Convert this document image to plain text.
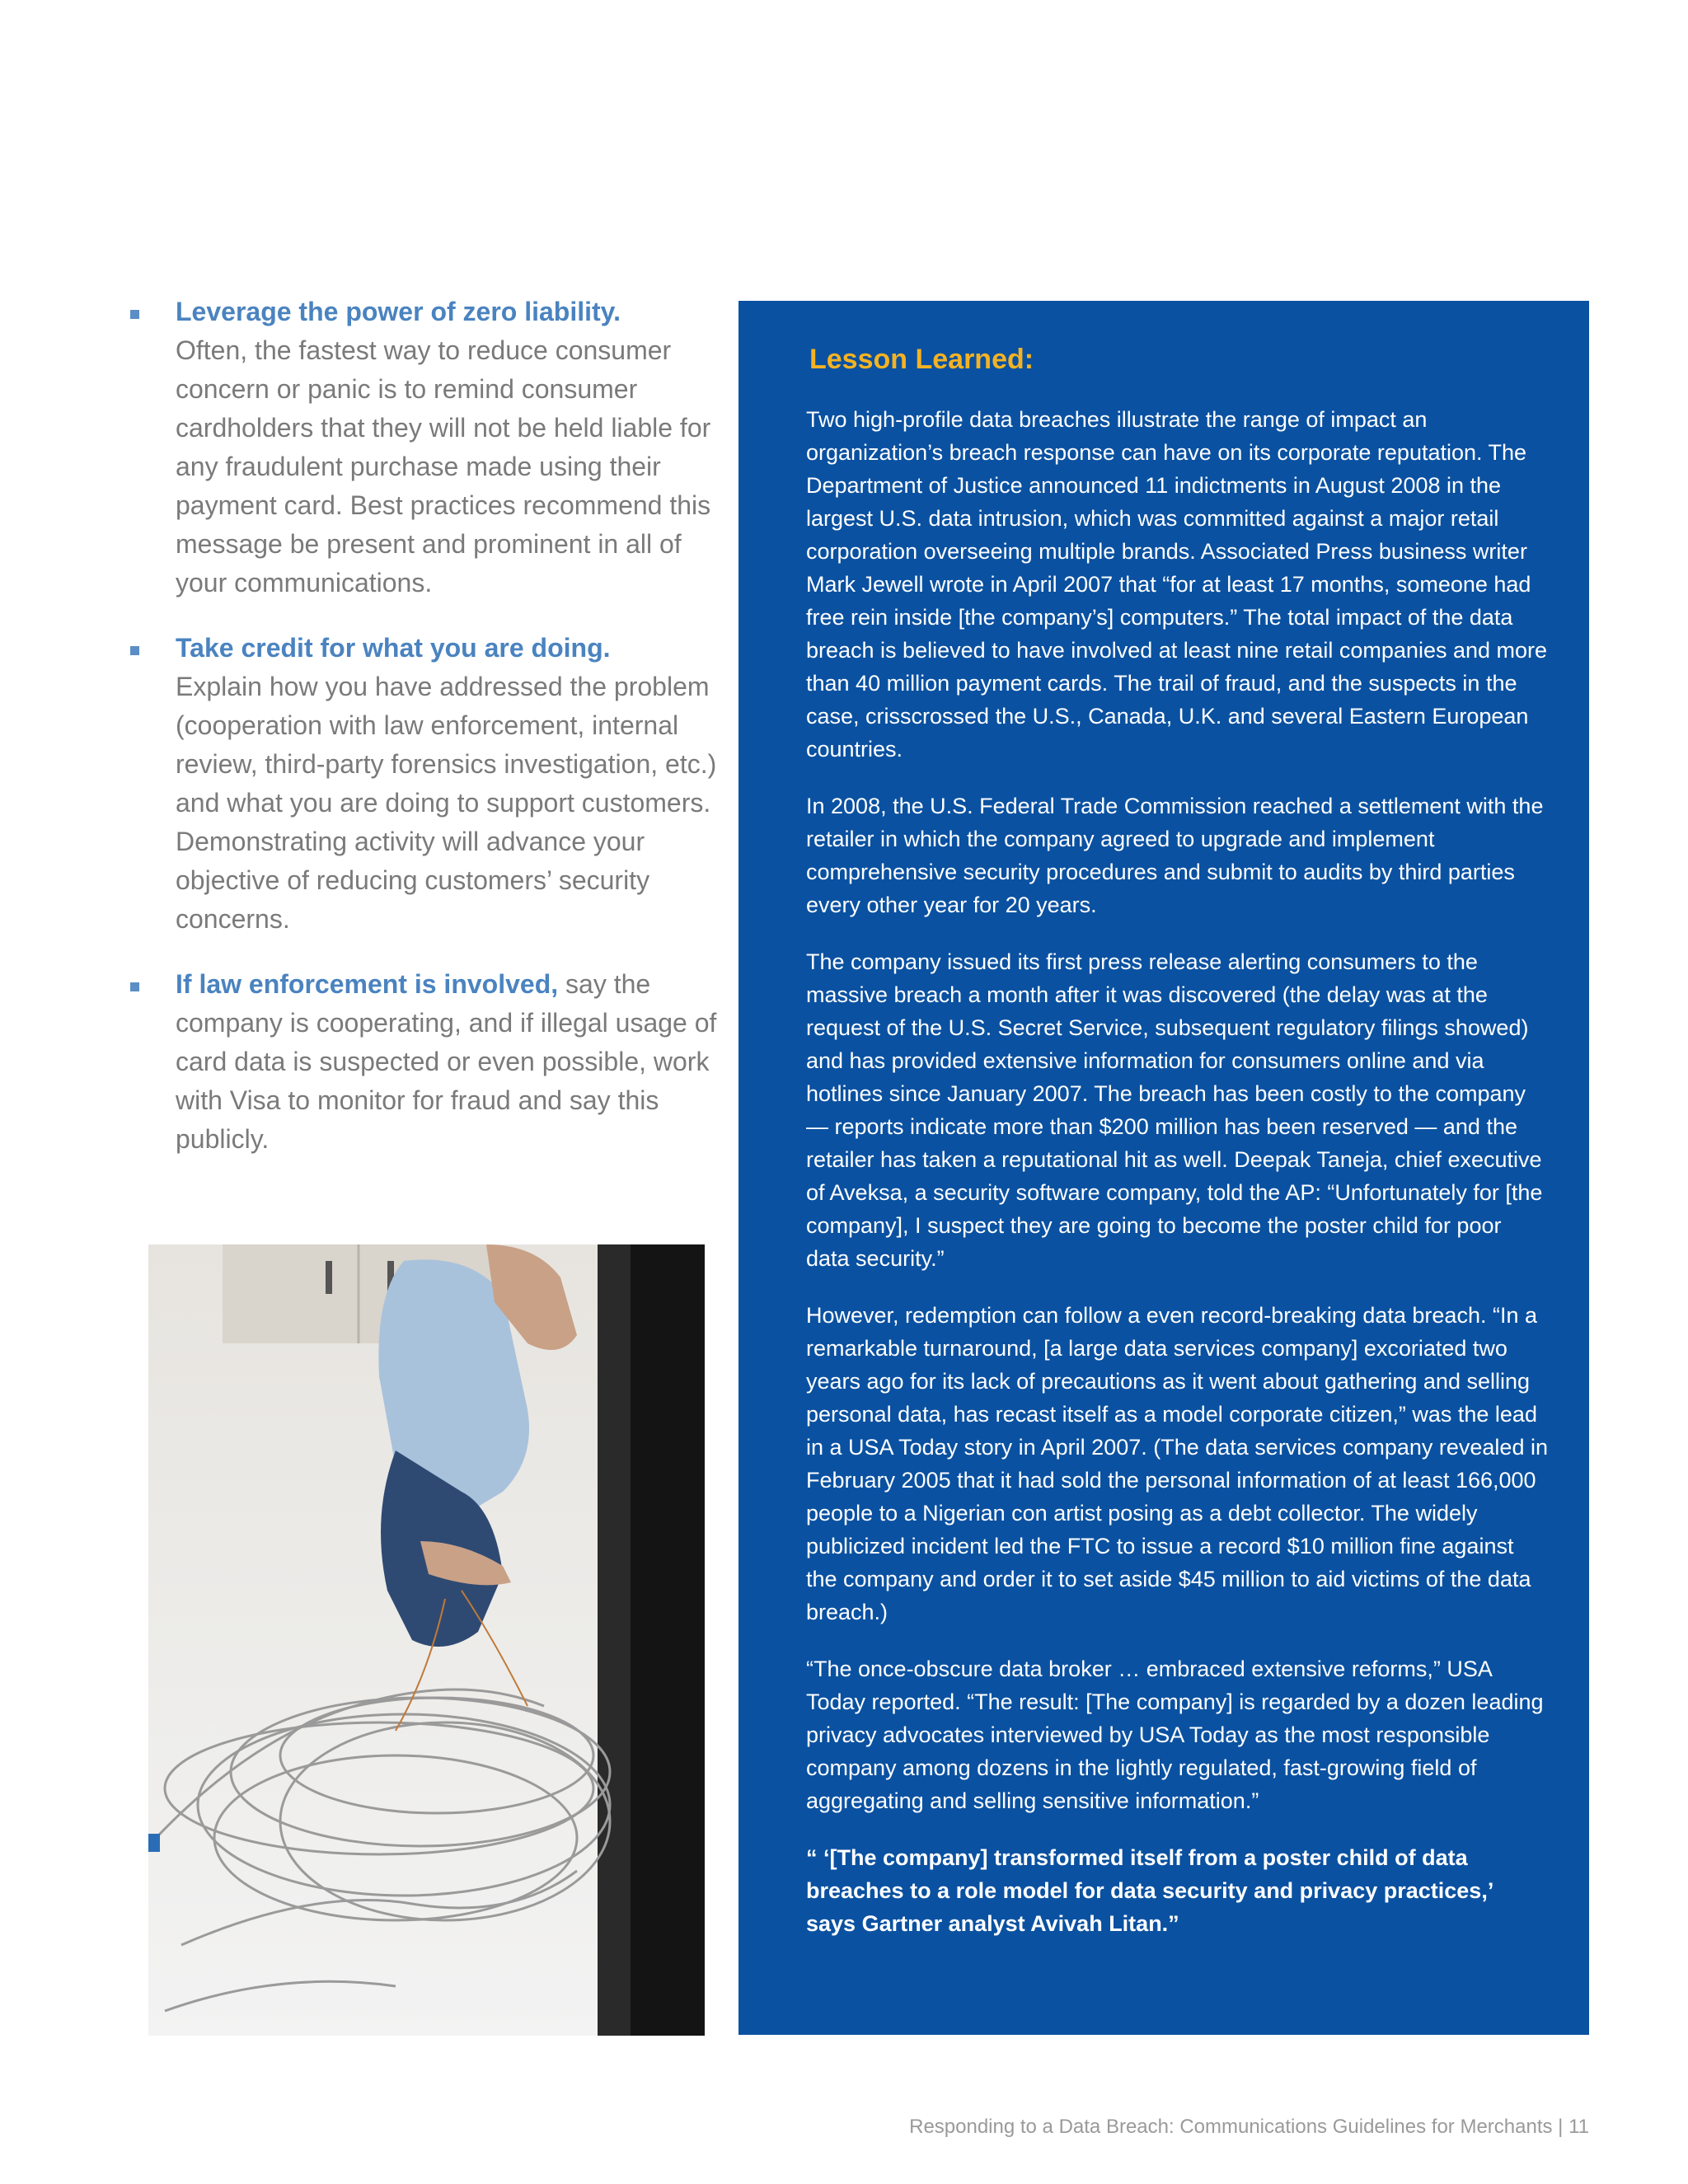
Leverage the power of zero liability.
Often, the fastest way to reduce consumer concern or panic is to remind consumer cardholders that they will not be held liable for any fraudulent purchase made using their payment card. Best practices recommend this message be present and prominent in all of your communications.

Take credit for what you are doing.
Explain how you have addressed the problem (cooperation with law enforcement, internal review, third-party forensics investigation, etc.) and what you are doing to support customers. Demonstrating activity will advance your objective of reducing customers’ security concerns.

If law enforcement is involved, say the company is cooperating, and if illegal usage of card data is suspected or even possible, work with Visa to monitor for fraud and say this publicly.

Lesson Learned:

Two high-profile data breaches illustrate the range of impact an organization’s breach response can have on its corporate reputation. The Department of Justice announced 11 indictments in August 2008 in the largest U.S. data intrusion, which was committed against a major retail corporation overseeing multiple brands. Associated Press business writer Mark Jewell wrote in April 2007 that “for at least 17 months, someone had free rein inside [the company’s] computers.” The total impact of the data breach is believed to have involved at least nine retail companies and more than 40 million payment cards. The trail of fraud, and the suspects in the case, crisscrossed the U.S., Canada, U.K. and several Eastern European countries.

In 2008, the U.S. Federal Trade Commission reached a settlement with the retailer in which the company agreed to upgrade and implement comprehensive security procedures and submit to audits by third parties every other year for 20 years.

The company issued its first press release alerting consumers to the massive breach a month after it was discovered (the delay was at the request of the U.S. Secret Service, subsequent regulatory filings showed) and has provided extensive information for consumers online and via hotlines since January 2007. The breach has been costly to the company — reports indicate more than $200 million has been reserved — and the retailer has taken a reputational hit as well. Deepak Taneja, chief executive of Aveksa, a security software company, told the AP: “Unfortunately for [the company], I suspect they are going to become the poster child for poor data security.”

However, redemption can follow a even record-breaking data breach. “In a remarkable turnaround, [a large data services company] excoriated two years ago for its lack of precautions as it went about gathering and selling personal data, has recast itself as a model corporate citizen,” was the lead in a USA Today story in April 2007. (The data services company revealed in February 2005 that it had sold the personal information of at least 166,000 people to a Nigerian con artist posing as a debt collector. The widely publicized incident led the FTC to issue a record $10 million fine against the company and order it to set aside $45 million to aid victims of the data breach.)

“The once-obscure data broker … embraced extensive reforms,” USA Today reported. “The result: [The company] is regarded by a dozen leading privacy advocates interviewed by USA Today as the most responsible company among dozens in the lightly regulated, fast-growing field of aggregating and selling sensitive information.”

“ ‘[The company] transformed itself from a poster child of data breaches to a role model for data security and privacy practices,’ says Gartner analyst Avivah Litan.”

Responding to a Data Breach: Communications Guidelines for Merchants | 11
